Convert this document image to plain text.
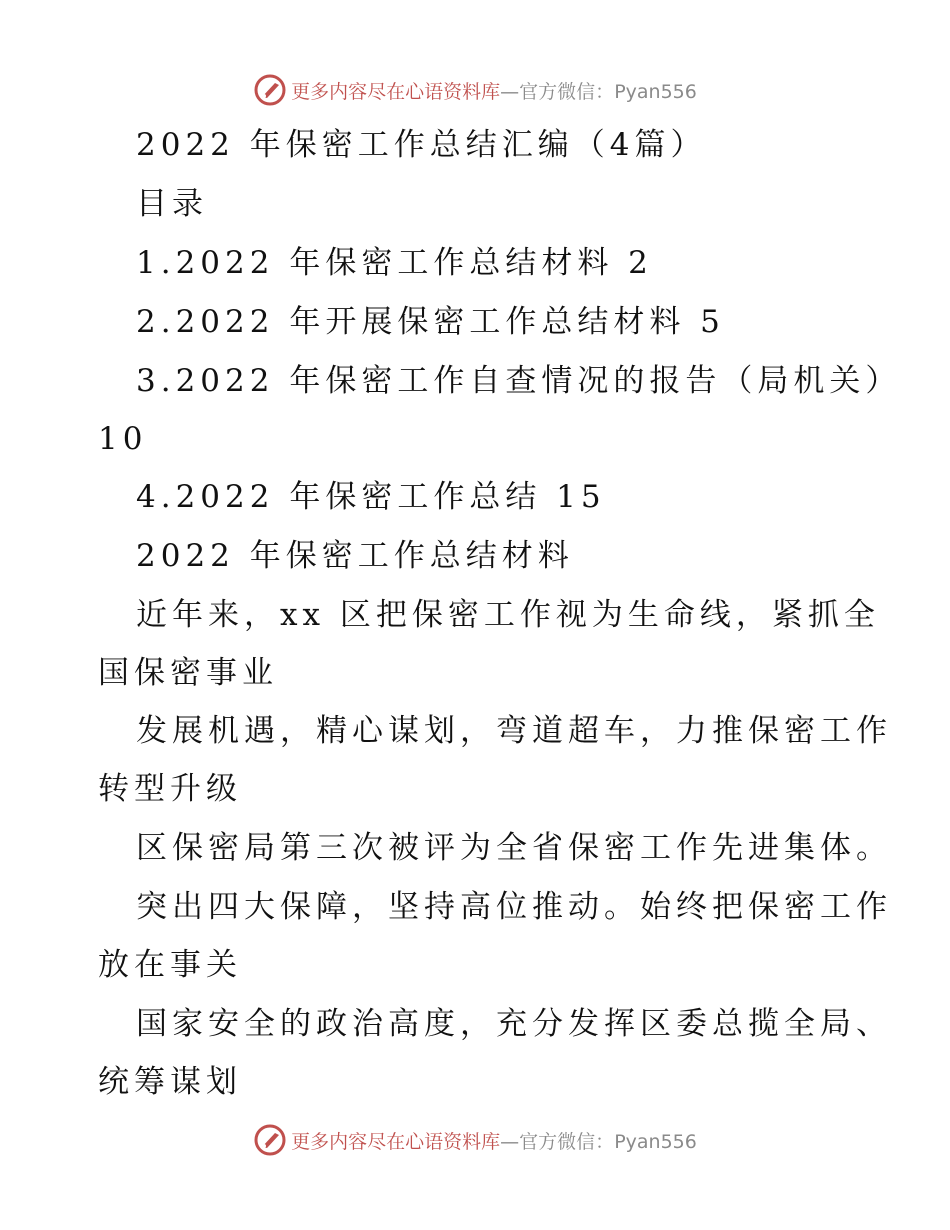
更多内容尽在心语资料库—官方微信：Pyan556
2022 年保密工作总结汇编（4篇）
目录
1.2022 年保密工作总结材料 2
2.2022 年开展保密工作总结材料 5
3.2022 年保密工作自查情况的报告（局机关）
10
4.2022 年保密工作总结 15
2022 年保密工作总结材料
近年来，xx 区把保密工作视为生命线，紧抓全
国保密事业
发展机遇，精心谋划，弯道超车，力推保密工作
转型升级
区保密局第三次被评为全省保密工作先进集体。
突出四大保障，坚持高位推动。始终把保密工作
放在事关
国家安全的政治高度，充分发挥区委总揽全局、
统筹谋划
更多内容尽在心语资料库—官方微信：Pyan556
